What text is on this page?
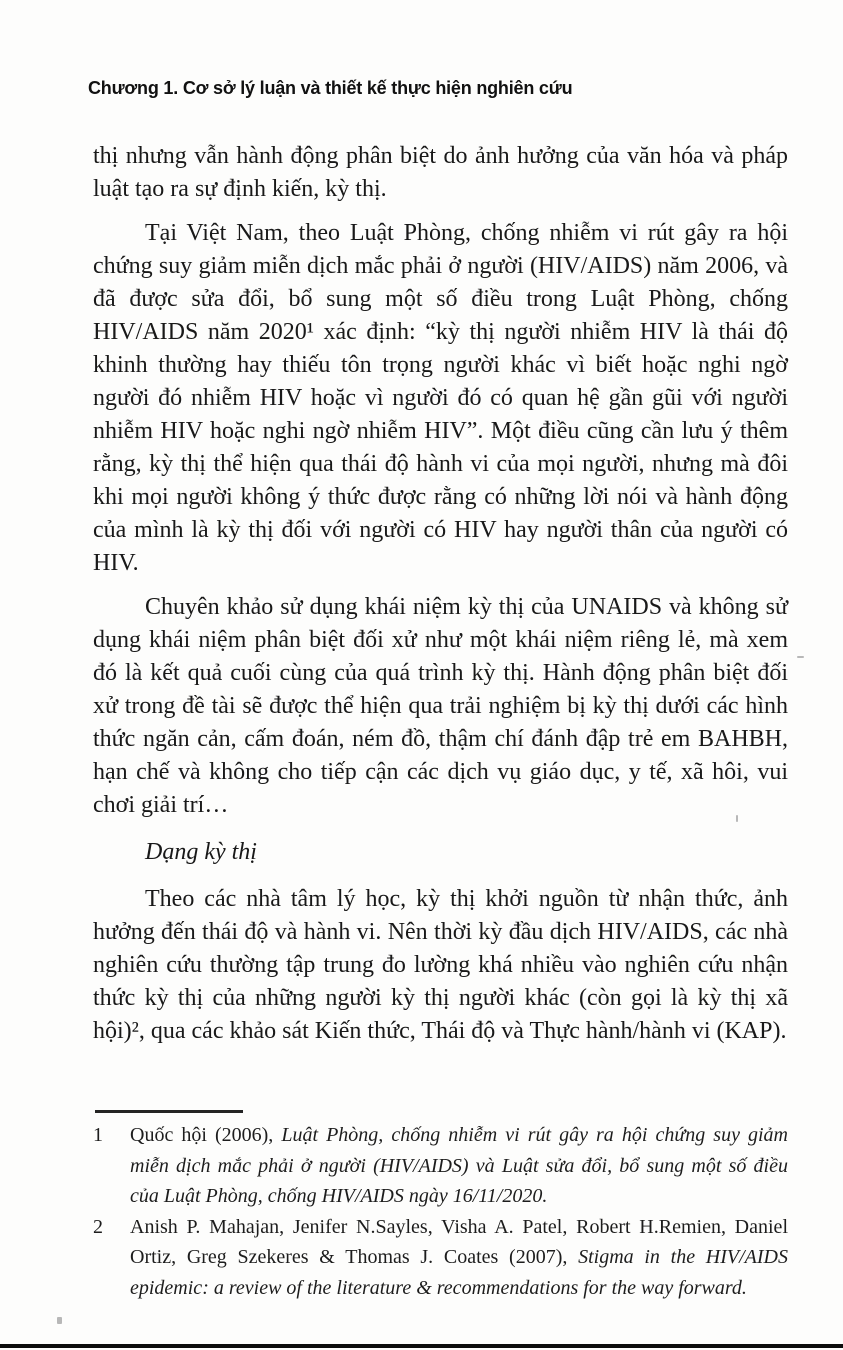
Chương 1. Cơ sở lý luận và thiết kế thực hiện nghiên cứu

thị nhưng vẫn hành động phân biệt do ảnh hưởng của văn hóa và pháp luật tạo ra sự định kiến, kỳ thị.

Tại Việt Nam, theo Luật Phòng, chống nhiễm vi rút gây ra hội chứng suy giảm miễn dịch mắc phải ở người (HIV/AIDS) năm 2006, và đã được sửa đổi, bổ sung một số điều trong Luật Phòng, chống HIV/AIDS năm 2020¹ xác định: “kỳ thị người nhiễm HIV là thái độ khinh thường hay thiếu tôn trọng người khác vì biết hoặc nghi ngờ người đó nhiễm HIV hoặc vì người đó có quan hệ gần gũi với người nhiễm HIV hoặc nghi ngờ nhiễm HIV”. Một điều cũng cần lưu ý thêm rằng, kỳ thị thể hiện qua thái độ hành vi của mọi người, nhưng mà đôi khi mọi người không ý thức được rằng có những lời nói và hành động của mình là kỳ thị đối với người có HIV hay người thân của người có HIV.

Chuyên khảo sử dụng khái niệm kỳ thị của UNAIDS và không sử dụng khái niệm phân biệt đối xử như một khái niệm riêng lẻ, mà xem đó là kết quả cuối cùng của quá trình kỳ thị. Hành động phân biệt đối xử trong đề tài sẽ được thể hiện qua trải nghiệm bị kỳ thị dưới các hình thức ngăn cản, cấm đoán, ném đồ, thậm chí đánh đập trẻ em BAHBH, hạn chế và không cho tiếp cận các dịch vụ giáo dục, y tế, xã hôi, vui chơi giải trí…

Dạng kỳ thị

Theo các nhà tâm lý học, kỳ thị khởi nguồn từ nhận thức, ảnh hưởng đến thái độ và hành vi. Nên thời kỳ đầu dịch HIV/AIDS, các nhà nghiên cứu thường tập trung đo lường khá nhiều vào nghiên cứu nhận thức kỳ thị của những người kỳ thị người khác (còn gọi là kỳ thị xã hội)², qua các khảo sát Kiến thức, Thái độ và Thực hành/hành vi (KAP).

1	Quốc hội (2006), Luật Phòng, chống nhiễm vi rút gây ra hội chứng suy giảm miễn dịch mắc phải ở người (HIV/AIDS) và Luật sửa đổi, bổ sung một số điều của Luật Phòng, chống HIV/AIDS ngày 16/11/2020.
2	Anish P. Mahajan, Jenifer N.Sayles, Visha A. Patel, Robert H.Remien, Daniel Ortiz, Greg Szekeres & Thomas J. Coates (2007), Stigma in the HIV/AIDS epidemic: a review of the literature & recommendations for the way forward.
